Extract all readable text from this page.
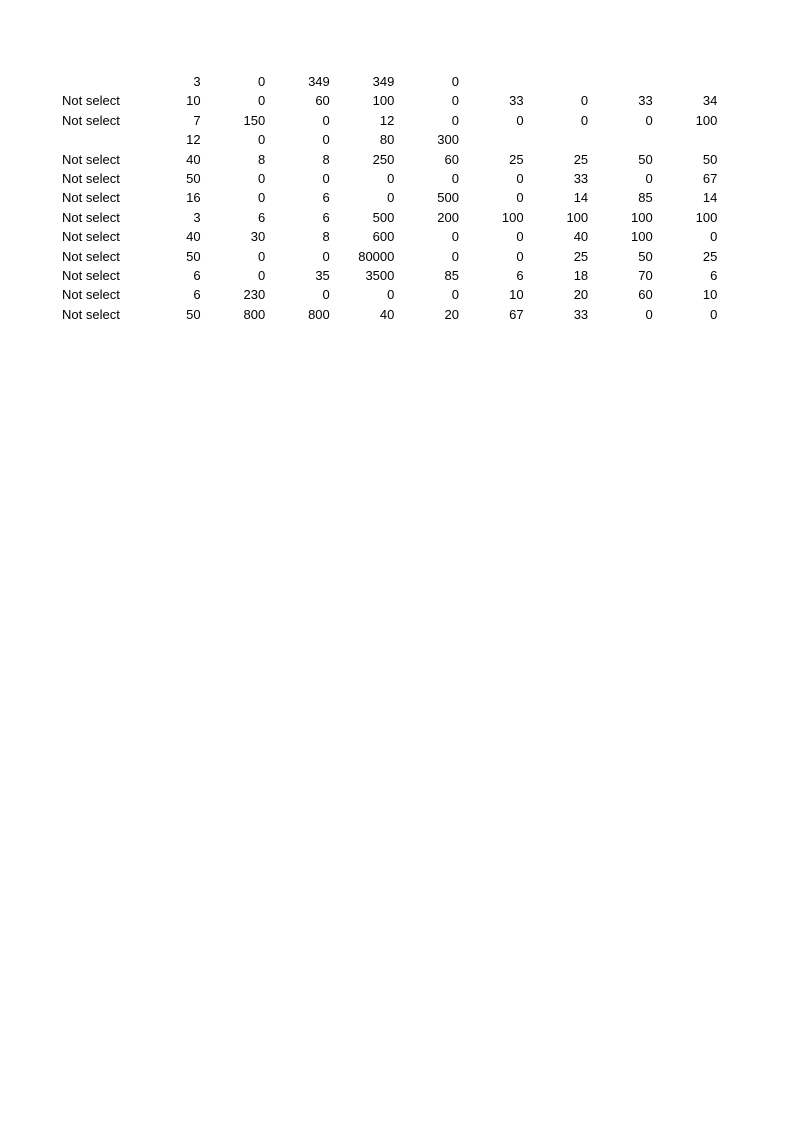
	3	0	349	349	0				
Not select	10	0	60	100	0	33	0	33	34
Not select	7	150	0	12	0	0	0	0	100
	12	0	0	80	300				
Not select	40	8	8	250	60	25	25	50	50
Not select	50	0	0	0	0	0	33	0	67
Not select	16	0	6	0	500	0	14	85	14
Not select	3	6	6	500	200	100	100	100	100
Not select	40	30	8	600	0	0	40	100	0
Not select	50	0	0	80000	0	0	25	50	25
Not select	6	0	35	3500	85	6	18	70	6
Not select	6	230	0	0	0	10	20	60	10
Not select	50	800	800	40	20	67	33	0	0
